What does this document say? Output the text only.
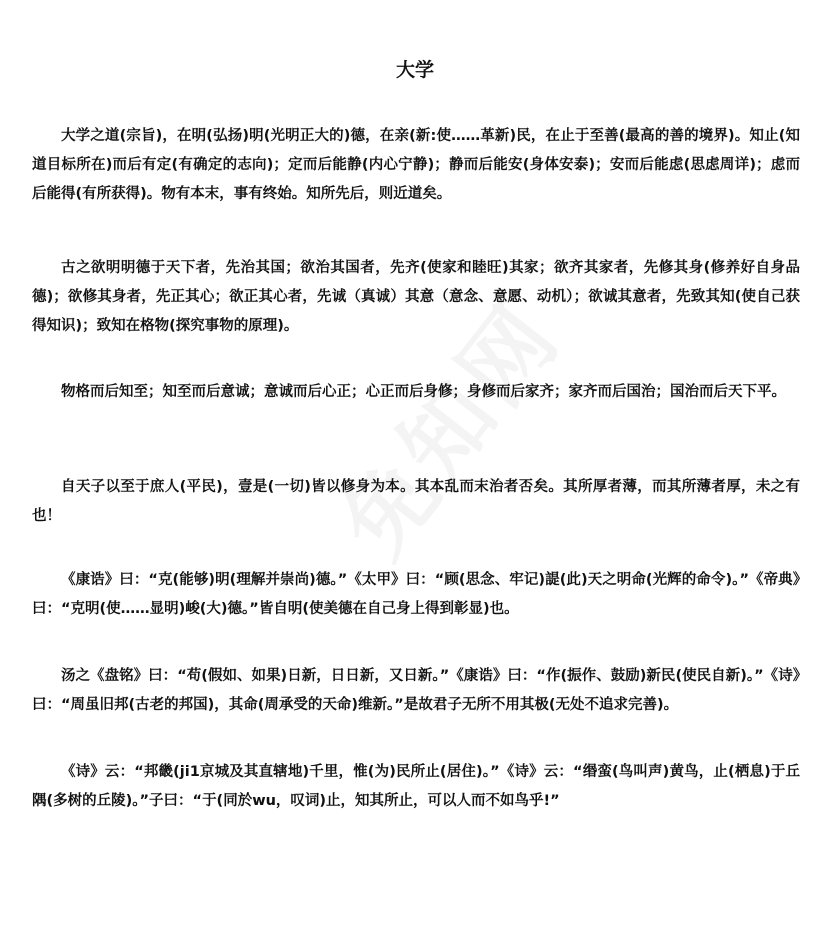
大学

大学之道(宗旨)，在明(弘扬)明(光明正大的)德，在亲(新:使……革新)民，在止于至善(最高的善的境界)。知止(知道目标所在)而后有定(有确定的志向)；定而后能静(内心宁静)；静而后能安(身体安泰)；安而后能虑(思虑周详)；虑而后能得(有所获得)。物有本末，事有终始。知所先后，则近道矣。

古之欲明明德于天下者，先治其国；欲治其国者，先齐(使家和睦旺)其家；欲齐其家者，先修其身(修养好自身品德)；欲修其身者，先正其心；欲正其心者，先诚（真诚）其意（意念、意愿、动机）；欲诚其意者，先致其知(使自己获得知识)；致知在格物(探究事物的原理)。

物格而后知至；知至而后意诚；意诚而后心正；心正而后身修；身修而后家齐；家齐而后国治；国治而后天下平。

自天子以至于庶人(平民)，壹是(一切)皆以修身为本。其本乱而末治者否矣。其所厚者薄，而其所薄者厚，未之有也！

《康诰》曰：“克(能够)明(理解并崇尚)德。”《太甲》曰：“顾(思念、牢记)諟(此)天之明命(光辉的命令)。”《帝典》曰：“克明(使……显明)峻(大)德。”皆自明(使美德在自己身上得到彰显)也。

汤之《盘铭》曰：“苟(假如、如果)日新，日日新，又日新。”《康诰》曰：“作(振作、鼓励)新民(使民自新)。”《诗》曰：“周虽旧邦(古老的邦国)，其命(周承受的天命)维新。”是故君子无所不用其极(无处不追求完善)。

《诗》云：“邦畿(ji1京城及其直辖地)千里，惟(为)民所止(居住)。”《诗》云：“缗蛮(鸟叫声)黄鸟，止(栖息)于丘隅(多树的丘陵)。”子曰：“于(同於wu，叹词)止，知其所止，可以人而不如鸟乎!”
